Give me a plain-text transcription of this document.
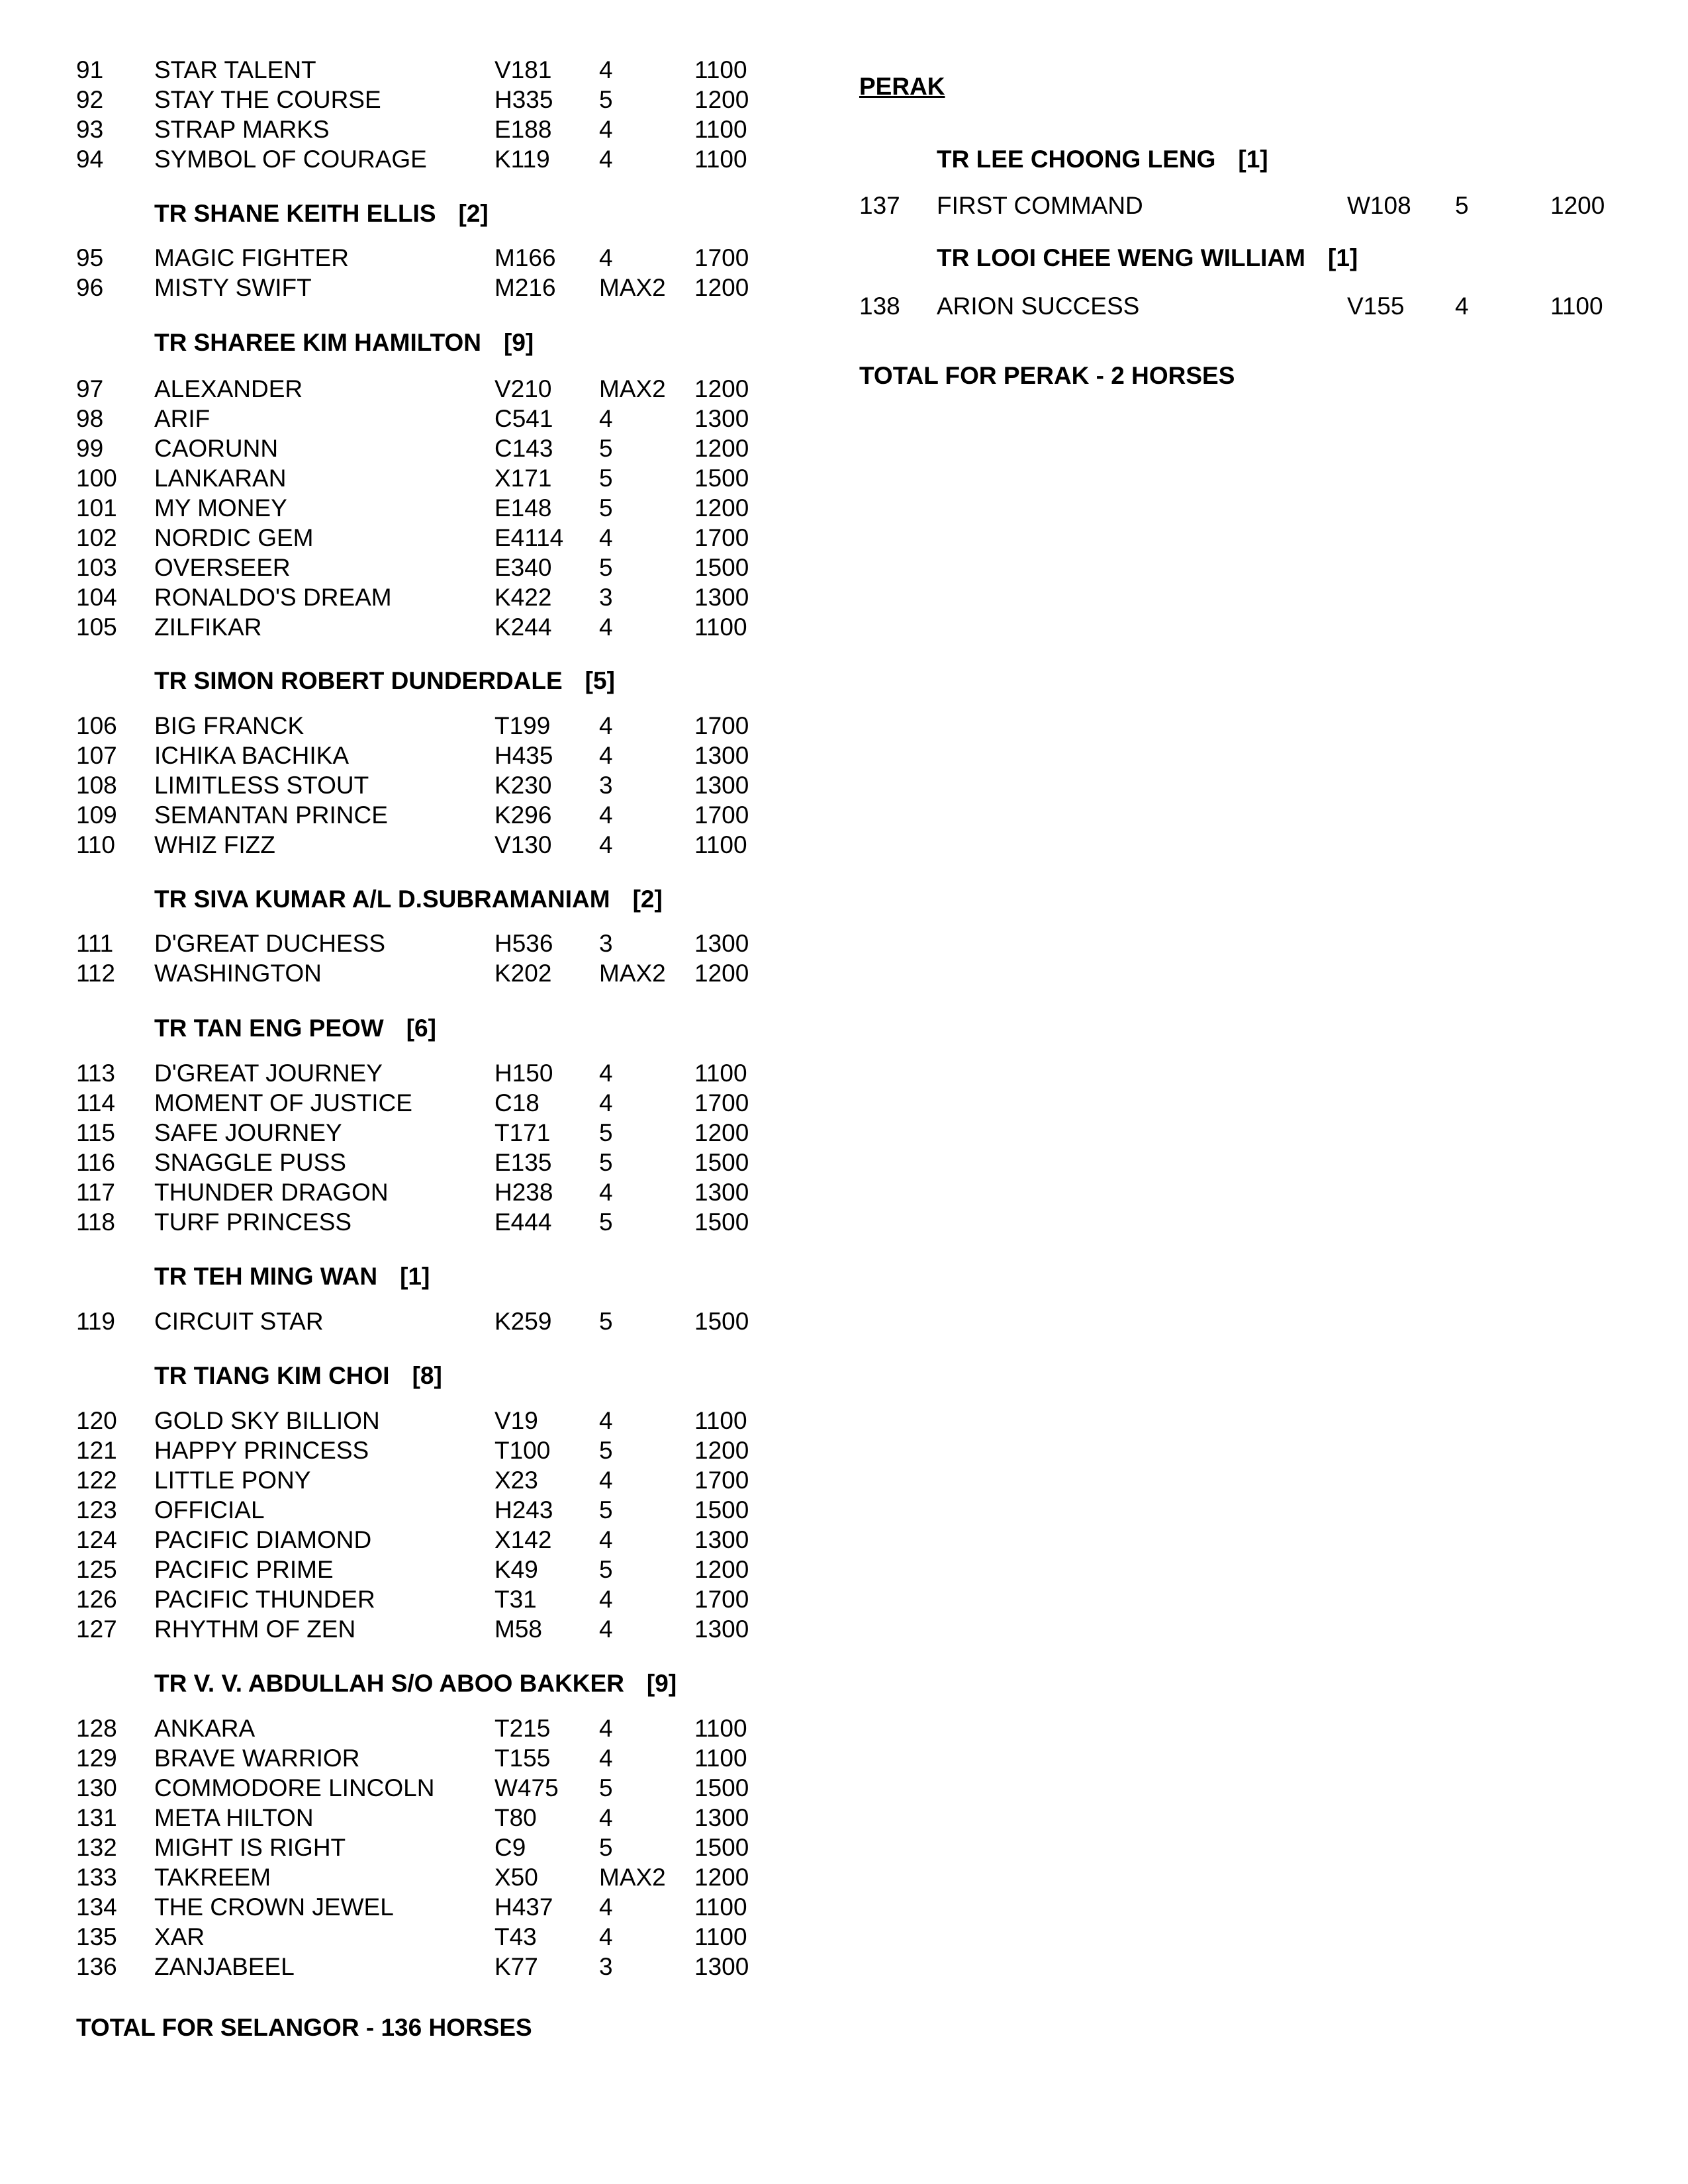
91 STAR TALENT	V181 4	1100
92 STAY THE COURSE	H335 5	1200
93 STRAP MARKS	E188 4	1100
94 SYMBOL OF COURAGE	K119 4	1100
TR SHANE KEITH ELLIS [2]
95 MAGIC FIGHTER	M166 4	1700
96 MISTY SWIFT	M216 MAX2 1200
TR SHAREE KIM HAMILTON [9]
97 ALEXANDER	V210 MAX2 1200
98 ARIF	C541 4	1300
99 CAORUNN	C143 5	1200
100 LANKARAN	X171 5	1500
101 MY MONEY	E148 5	1200
102 NORDIC GEM	E4114 4	1700
103 OVERSEER	E340 5	1500
104 RONALDO'S DREAM	K422 3	1300
105 ZILFIKAR	K244 4	1100
TR SIMON ROBERT DUNDERDALE [5]
106 BIG FRANCK	T199 4	1700
107 ICHIKA BACHIKA	H435 4	1300
108 LIMITLESS STOUT	K230 3	1300
109 SEMANTAN PRINCE	K296 4	1700
110 WHIZ FIZZ	V130 4	1100
TR SIVA KUMAR A/L D.SUBRAMANIAM [2]
111 D'GREAT DUCHESS	H536 3	1300
112 WASHINGTON	K202 MAX2 1200
TR TAN ENG PEOW [6]
113 D'GREAT JOURNEY	H150 4	1100
114 MOMENT OF JUSTICE	C18 4	1700
115 SAFE JOURNEY	T171 5	1200
116 SNAGGLE PUSS	E135 5	1500
117 THUNDER DRAGON	H238 4	1300
118 TURF PRINCESS	E444 5	1500
TR TEH MING WAN [1]
119 CIRCUIT STAR	K259 5	1500
TR TIANG KIM CHOI [8]
120 GOLD SKY BILLION	V19 4	1100
121 HAPPY PRINCESS	T100 5	1200
122 LITTLE PONY	X23 4	1700
123 OFFICIAL	H243 5	1500
124 PACIFIC DIAMOND	X142 4	1300
125 PACIFIC PRIME	K49 5	1200
126 PACIFIC THUNDER	T31	4	1700
127 RHYTHM OF ZEN	M58 4	1300
TR V. V. ABDULLAH S/O ABOO BAKKER [9]
128 ANKARA	T215 4	1100
129 BRAVE WARRIOR	T155 4	1100
130 COMMODORE LINCOLN W475 5	1500
131 META HILTON	T80	4	1300
132 MIGHT IS RIGHT	C9	5	1500
133 TAKREEM	X50 MAX2 1200
134 THE CROWN JEWEL	H437 4	1100
135 XAR	T43	4	1100
136 ZANJABEEL	K77 3	1300
TOTAL FOR SELANGOR - 136 HORSES
PERAK
TR LEE CHOONG LENG [1]
137 FIRST COMMAND	W108 5	1200
TR LOOI CHEE WENG WILLIAM [1]
138 ARION SUCCESS	V155 4	1100
TOTAL FOR PERAK - 2 HORSES
